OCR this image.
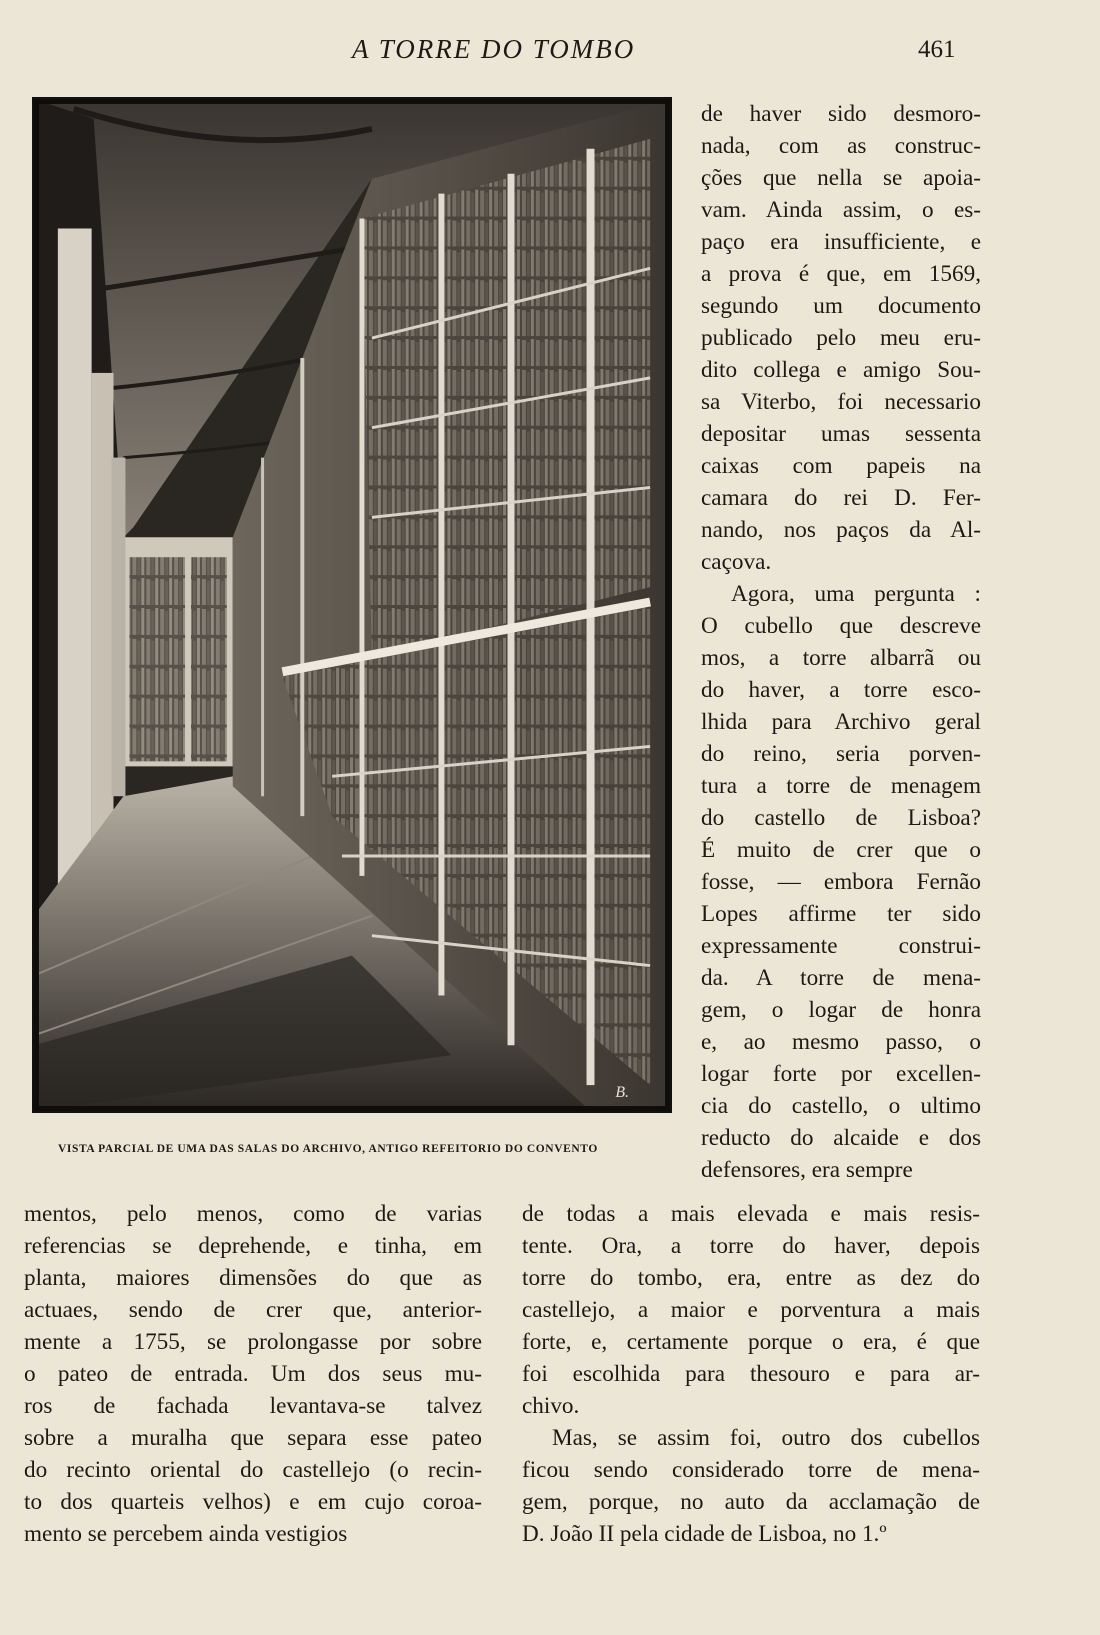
A TORRE DO TOMBO	461
B.
VISTA PARCIAL DE UMA DAS SALAS DO ARCHIVO, ANTIGO REFEITORIO DO CONVENTO
de haver sido desmoro-
nada, com as construc-
ções que nella se apoia-
vam. Ainda assim, o es-
paço era insufficiente, e
a prova é que, em 1569,
segundo um documento
publicado pelo meu eru-
dito collega e amigo Sou-
sa Viterbo, foi necessario
depositar umas sessenta
caixas com papeis na
camara do rei D. Fer-
nando, nos paços da Al-
caçova.
Agora, uma pergunta :
O cubello que descreve
mos, a torre albarrã ou
do haver, a torre esco-
lhida para Archivo geral
do reino, seria porven-
tura a torre de menagem
do castello de Lisboa?
É muito de crer que o
fosse, — embora Fernão
Lopes affirme ter sido
expressamente construi-
da. A torre de mena-
gem, o logar de honra
e, ao mesmo passo, o
logar forte por excellen-
cia do castello, o ultimo
reducto do alcaide e dos
defensores, era sempre
mentos, pelo menos, como de varias
referencias se deprehende, e tinha, em
planta, maiores dimensões do que as
actuaes, sendo de crer que, anterior-
mente a 1755, se prolongasse por sobre
o pateo de entrada. Um dos seus mu-
ros de fachada levantava-se talvez
sobre a muralha que separa esse pateo
do recinto oriental do castellejo (o recin-
to dos quarteis velhos) e em cujo coroa-
mento se percebem ainda vestigios
de todas a mais elevada e mais resis-
tente. Ora, a torre do haver, depois
torre do tombo, era, entre as dez do
castellejo, a maior e porventura a mais
forte, e, certamente porque o era, é que
foi escolhida para thesouro e para ar-
chivo.
Mas, se assim foi, outro dos cubellos
ficou sendo considerado torre de mena-
gem, porque, no auto da acclamação de
D. João II pela cidade de Lisboa, no 1.º
